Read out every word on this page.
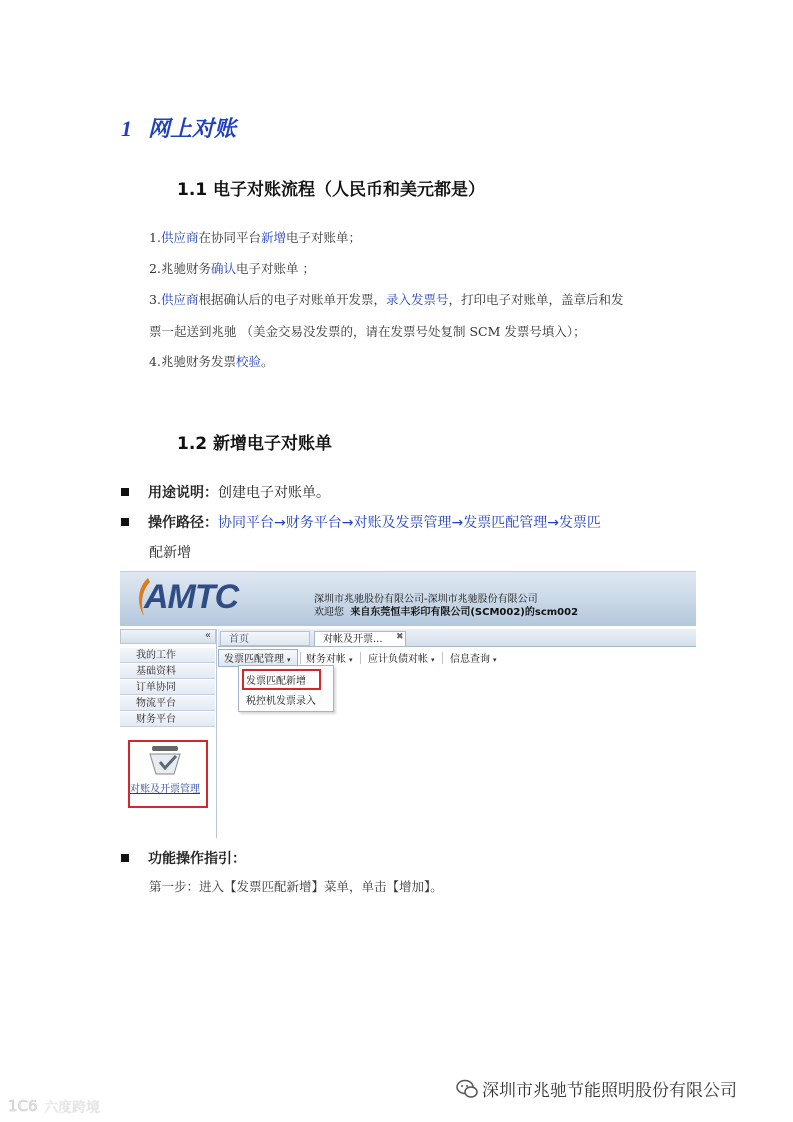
1 网上对账
1.1 电子对账流程（人民币和美元都是）
1.供应商在协同平台新增电子对账单；
2.兆驰财务确认电子对账单 ；
3.供应商根据确认后的电子对账单开发票，录入发票号，打印电子对账单，盖章后和发
票一起送到兆驰 （美金交易没发票的，请在发票号处复制 SCM 发票号填入）；
4.兆驰财务发票校验。
1.2 新增电子对账单
用途说明：创建电子对账单。
操作路径：协同平台→财务平台→对账及发票管理→发票匹配管理→发票匹
配新增
AMTC	深圳市兆驰股份有限公司-深圳市兆驰股份有限公司
欢迎您 来自东莞恒丰彩印有限公司(SCM002)的scm002
«
我的工作
基础资料
订单协同
物流平台
财务平台
对账及开票管理
首页	对帐及开票...	✖
发票匹配管理 ▾ 财务对帐 ▾ 应计负债对帐 ▾ 信息查询 ▾
发票匹配新增
税控机发票录入
功能操作指引：
第一步：进入【发票匹配新增】菜单，单击【增加】。
深圳市兆驰节能照明股份有限公司
1C6 六度跨境
